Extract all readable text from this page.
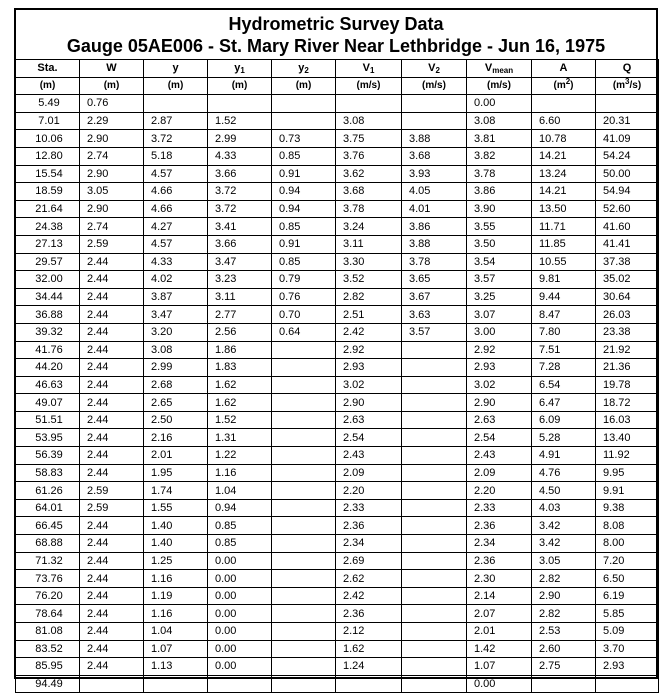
Hydrometric Survey Data
Gauge 05AE006 - St. Mary River Near Lethbridge - Jun 16, 1975
Sta.	W	y	$y_1$	$y_2$	$V_1$	$V_2$	$V_{mean}$	A	Q
(m)	(m)	(m)	(m)	(m)	(m/s)	(m/s)	(m/s)	$(m^2)$	$(m^3/s)$
5.49	0.76						0.00		
7.01	2.29	2.87	1.52		3.08		3.08	6.60	20.31
10.06	2.90	3.72	2.99	0.73	3.75	3.88	3.81	10.78	41.09
12.80	2.74	5.18	4.33	0.85	3.76	3.68	3.82	14.21	54.24
15.54	2.90	4.57	3.66	0.91	3.62	3.93	3.78	13.24	50.00
18.59	3.05	4.66	3.72	0.94	3.68	4.05	3.86	14.21	54.94
21.64	2.90	4.66	3.72	0.94	3.78	4.01	3.90	13.50	52.60
24.38	2.74	4.27	3.41	0.85	3.24	3.86	3.55	11.71	41.60
27.13	2.59	4.57	3.66	0.91	3.11	3.88	3.50	11.85	41.41
29.57	2.44	4.33	3.47	0.85	3.30	3.78	3.54	10.55	37.38
32.00	2.44	4.02	3.23	0.79	3.52	3.65	3.57	9.81	35.02
34.44	2.44	3.87	3.11	0.76	2.82	3.67	3.25	9.44	30.64
36.88	2.44	3.47	2.77	0.70	2.51	3.63	3.07	8.47	26.03
39.32	2.44	3.20	2.56	0.64	2.42	3.57	3.00	7.80	23.38
41.76	2.44	3.08	1.86		2.92		2.92	7.51	21.92
44.20	2.44	2.99	1.83		2.93		2.93	7.28	21.36
46.63	2.44	2.68	1.62		3.02		3.02	6.54	19.78
49.07	2.44	2.65	1.62		2.90		2.90	6.47	18.72
51.51	2.44	2.50	1.52		2.63		2.63	6.09	16.03
53.95	2.44	2.16	1.31		2.54		2.54	5.28	13.40
56.39	2.44	2.01	1.22		2.43		2.43	4.91	11.92
58.83	2.44	1.95	1.16		2.09		2.09	4.76	9.95
61.26	2.59	1.74	1.04		2.20		2.20	4.50	9.91
64.01	2.59	1.55	0.94		2.33		2.33	4.03	9.38
66.45	2.44	1.40	0.85		2.36		2.36	3.42	8.08
68.88	2.44	1.40	0.85		2.34		2.34	3.42	8.00
71.32	2.44	1.25	0.00		2.69		2.36	3.05	7.20
73.76	2.44	1.16	0.00		2.62		2.30	2.82	6.50
76.20	2.44	1.19	0.00		2.42		2.14	2.90	6.19
78.64	2.44	1.16	0.00		2.36		2.07	2.82	5.85
81.08	2.44	1.04	0.00		2.12		2.01	2.53	5.09
83.52	2.44	1.07	0.00		1.62		1.42	2.60	3.70
85.95	2.44	1.13	0.00		1.24		1.07	2.75	2.93
94.49							0.00		
